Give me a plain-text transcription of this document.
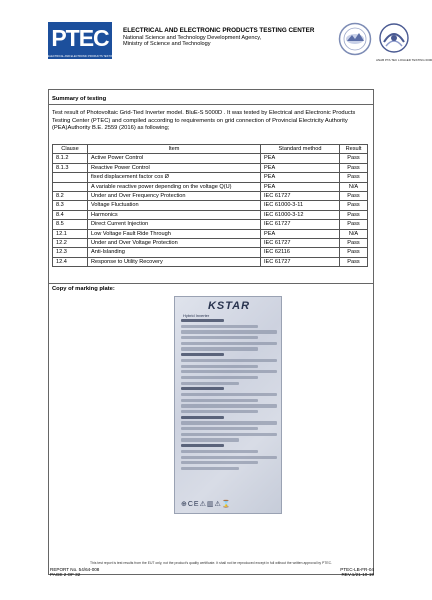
PTEC
ELECTRICAL AND ELECTRONIC PRODUCTS TESTING CENTER
ELECTRICAL AND ELECTRONIC PRODUCTS TESTING CENTER
National Science and Technology Development Agency,
Ministry of Science and Technology
ANAB PTA TEC LOGGED TESTING 0000
Summary of testing
Test result of Photovoltaic Grid-Tied Inverter model. BluE-S 5000D . It was tested by Electrical and Electronic Products Testing Center (PTEC) and compiled according to requirements on grid connection of Provincial Electricity Authority (PEA)Authority B.E. 2559 (2016) as following;
Clause	Item	Standard method	Result
8.1.2	Active Power Control	PEA	Pass
8.1.3	Reactive Power Control	PEA	Pass
	fixed displacement factor cos Ø	PEA	Pass
	A variable reactive power depending on the voltage Q(U)	PEA	N/A
8.2	Under and Over Frequency Protection	IEC 61727	Pass
8.3	Voltage Fluctuation	IEC 61000-3-11	Pass
8.4	Harmonics	IEC 61000-3-12	Pass
8.5	Direct Current Injection	IEC 61727	Pass
12.1	Low Voltage Fault Ride Through	PEA	N/A
12.2	Under and Over Voltage Protection	IEC 61727	Pass
12.3	Anti-Islanding	IEC 62116	Pass
12.4	Response to Utility Recovery	IEC 61727	Pass
Copy of marking plate:
KSTAR
Hybrid Inverter
⊕CE⚠▥⚠⌛
This test report is test results from the EUT only, not the product's quality certificate. It shall not be reproduced except in full without the written approval by PTEC.
REPORT No. 54/64-008
PAGE 2 OF 32
PTEC-LB-FR-04
REV.1/21-10-19
